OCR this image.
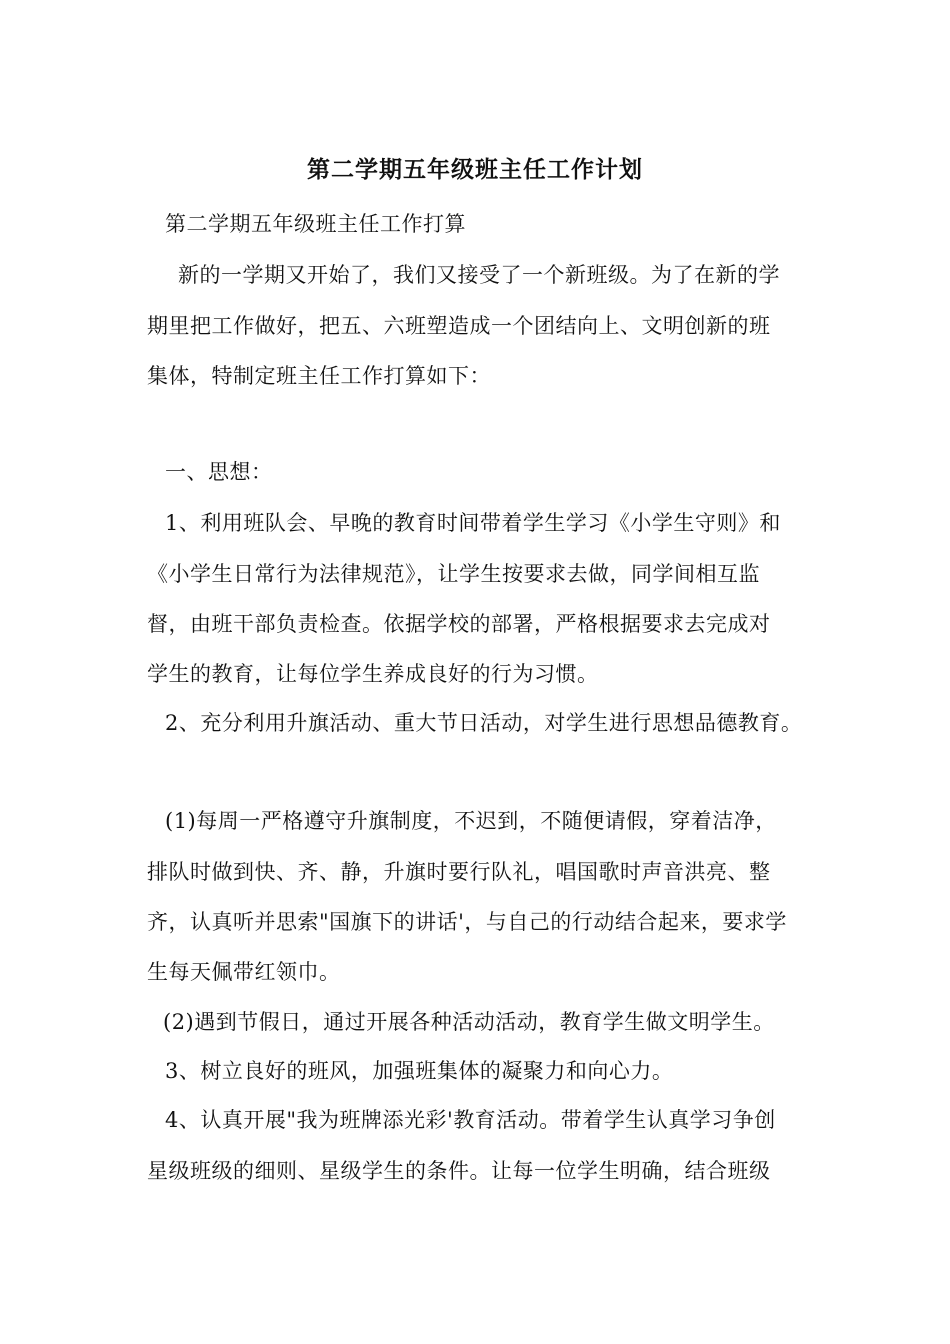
第二学期五年级班主任工作计划
第二学期五年级班主任工作打算
新的一学期又开始了，我们又接受了一个新班级。为了在新的学
期里把工作做好，把五、六班塑造成一个团结向上、文明创新的班
集体，特制定班主任工作打算如下：
一、思想：
1、利用班队会、早晚的教育时间带着学生学习《小学生守则》和
《小学生日常行为法律规范》，让学生按要求去做，同学间相互监
督，由班干部负责检查。依据学校的部署，严格根据要求去完成对
学生的教育，让每位学生养成良好的行为习惯。
2、充分利用升旗活动、重大节日活动，对学生进行思想品德教育。
(1)每周一严格遵守升旗制度，不迟到，不随便请假，穿着洁净，
排队时做到快、齐、静，升旗时要行队礼，唱国歌时声音洪亮、整
齐，认真听并思索"国旗下的讲话'，与自己的行动结合起来，要求学
生每天佩带红领巾。
(2)遇到节假日，通过开展各种活动活动，教育学生做文明学生。
3、树立良好的班风，加强班集体的凝聚力和向心力。
4、认真开展"我为班牌添光彩'教育活动。带着学生认真学习争创
星级班级的细则、星级学生的条件。让每一位学生明确，结合班级
